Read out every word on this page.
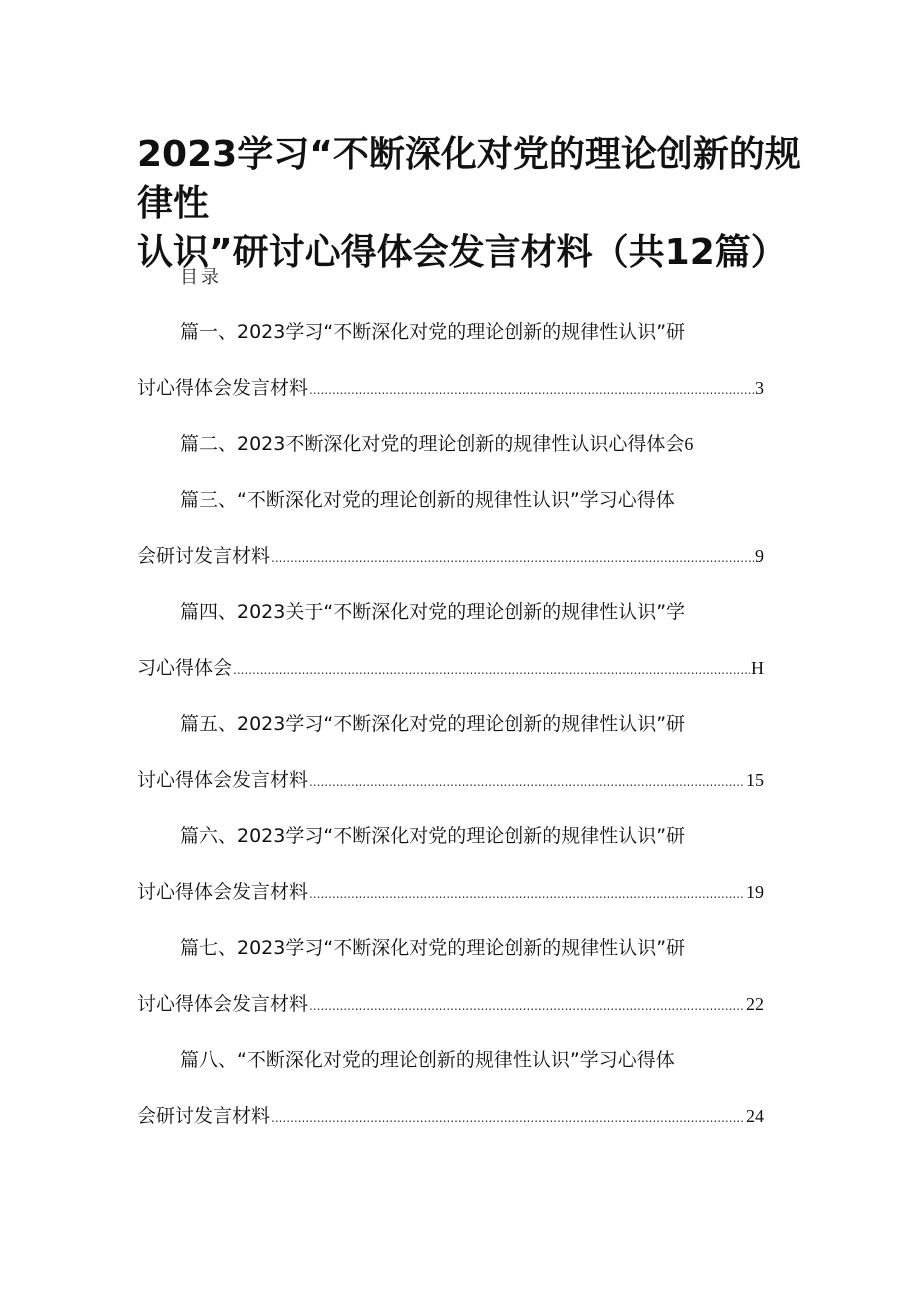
2023学习“不断深化对党的理论创新的规律性
认识”研讨心得体会发言材料（共12篇）
目录
篇一、2023学习“不断深化对党的理论创新的规律性认识”研
讨心得体会发言材料 .....	3
篇二、2023不断深化对党的理论创新的规律性认识心得体会 6
篇三、“不断深化对党的理论创新的规律性认识”学习心得体
会研讨发言材料 .....	9
篇四、2023关于“不断深化对党的理论创新的规律性认识”学
习心得体会 .....	H
篇五、2023学习“不断深化对党的理论创新的规律性认识”研
讨心得体会发言材料 .....	15
篇六、2023学习“不断深化对党的理论创新的规律性认识”研
讨心得体会发言材料 .....	19
篇七、2023学习“不断深化对党的理论创新的规律性认识”研
讨心得体会发言材料 .....	22
篇八、“不断深化对党的理论创新的规律性认识”学习心得体
会研讨发言材料 .....	24
